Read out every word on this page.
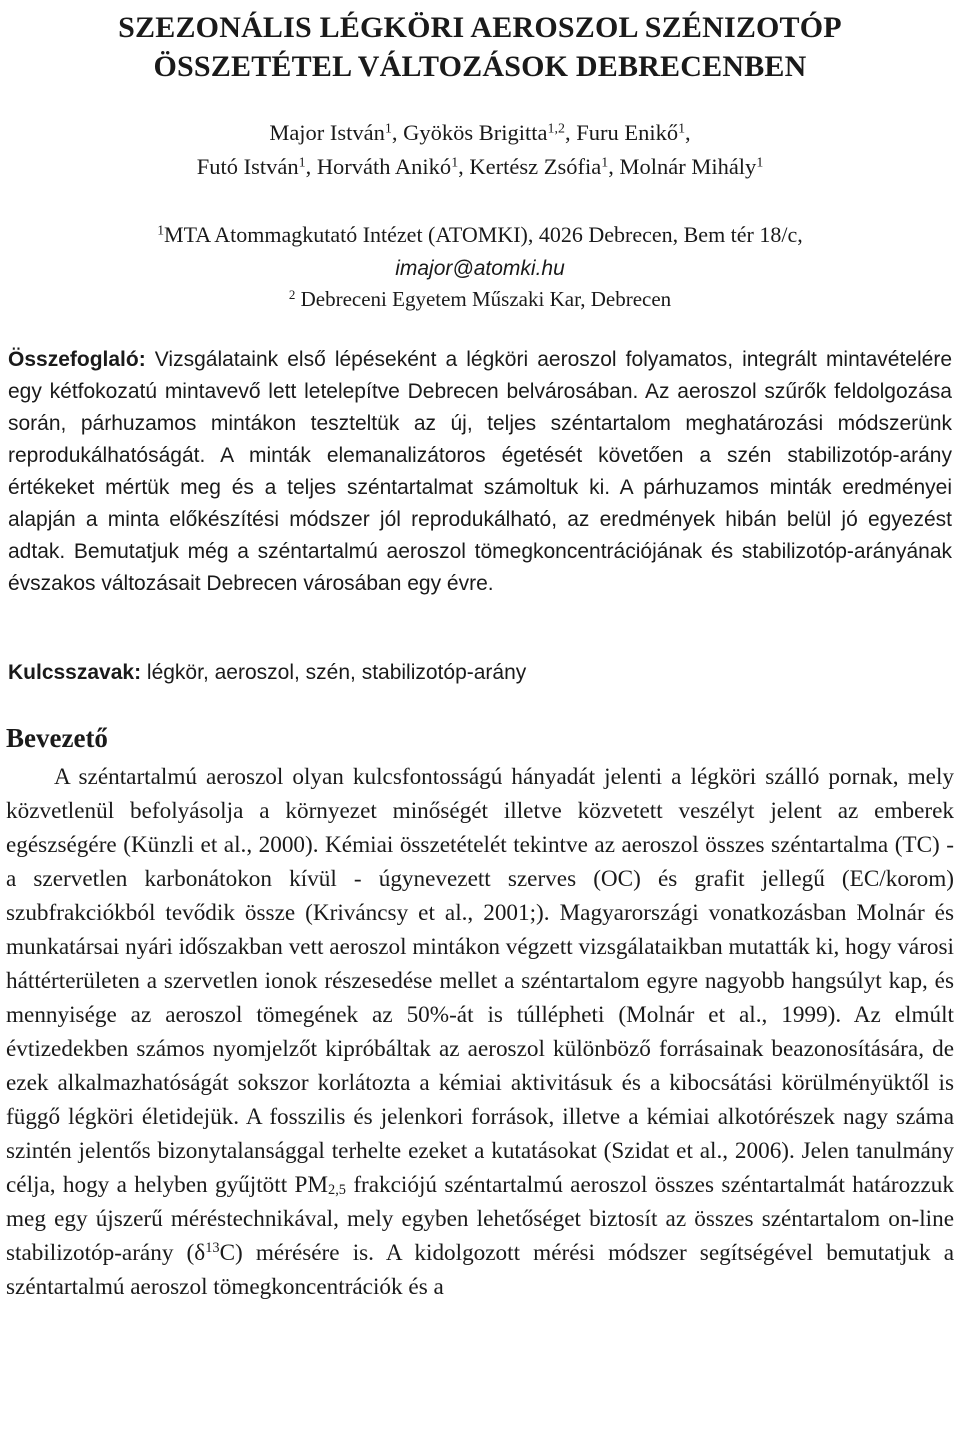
SZEZONÁLIS LÉGKÖRI AEROSZOL SZÉNIZOTÓP
ÖSSZETÉTEL VÁLTOZÁSOK DEBRECENBEN
Major István$^1$, Gyökös Brigitta$^{1,2}$, Furu Enikő$^1$,
Futó István$^1$, Horváth Anikó$^1$, Kertész Zsófia$^1$, Molnár Mihály$^1$
$^1$MTA Atommagkutató Intézet (ATOMKI), 4026 Debrecen, Bem tér 18/c,
imajor@atomki.hu
$^2$ Debreceni Egyetem Műszaki Kar, Debrecen
Összefoglaló: Vizsgálataink első lépéseként a légköri aeroszol folyamatos, integrált mintavételére egy kétfokozatú mintavevő lett letelepítve Debrecen belvárosában. Az aeroszol szűrők feldolgozása során, párhuzamos mintákon teszteltük az új, teljes széntartalom meghatározási módszerünk reprodukálhatóságát. A minták elemanalizátoros égetését követően a szén stabilizotóp-arány értékeket mértük meg és a teljes széntartalmat számoltuk ki. A párhuzamos minták eredményei alapján a minta előkészítési módszer jól reprodukálható, az eredmények hibán belül jó egyezést adtak. Bemutatjuk még a széntartalmú aeroszol tömegkoncentrációjának és stabilizotóp-arányának évszakos változásait Debrecen városában egy évre.
Kulcsszavak: légkör, aeroszol, szén, stabilizotóp-arány
Bevezető
A széntartalmú aeroszol olyan kulcsfontosságú hányadát jelenti a légköri szálló pornak, mely közvetlenül befolyásolja a környezet minőségét illetve közvetett veszélyt jelent az emberek egészségére (Künzli et al., 2000). Kémiai összetételét tekintve az aeroszol összes széntartalma (TC) - a szervetlen karbonátokon kívül - úgynevezett szerves (OC) és grafit jellegű (EC/korom) szubfrakciókból tevődik össze (Kriváncsy et al., 2001;). Magyarországi vonatkozásban Molnár és munkatársai nyári időszakban vett aeroszol mintákon végzett vizsgálataikban mutatták ki, hogy városi háttérterületen a szervetlen ionok részesedése mellet a széntartalom egyre nagyobb hangsúlyt kap, és mennyisége az aeroszol tömegének az 50%-át is túllépheti (Molnár et al., 1999). Az elmúlt évtizedekben számos nyomjelzőt kipróbáltak az aeroszol különböző forrásainak beazonosítására, de ezek alkalmazhatóságát sokszor korlátozta a kémiai aktivitásuk és a kibocsátási körülményüktől is függő légköri életidejük. A fosszilis és jelenkori források, illetve a kémiai alkotórészek nagy száma szintén jelentős bizonytalansággal terhelte ezeket a kutatásokat (Szidat et al., 2006). Jelen tanulmány célja, hogy a helyben gyűjtött $PM_{2,5}$ frakciójú széntartalmú aeroszol összes széntartalmát határozzuk meg egy újszerű méréstechnikával, mely egyben lehetőséget biztosít az összes széntartalom on-line stabilizotóp-arány $(\delta^{13}C)$ mérésére is. A kidolgozott mérési módszer segítségével bemutatjuk a széntartalmú aeroszol tömegkoncentrációk és a
